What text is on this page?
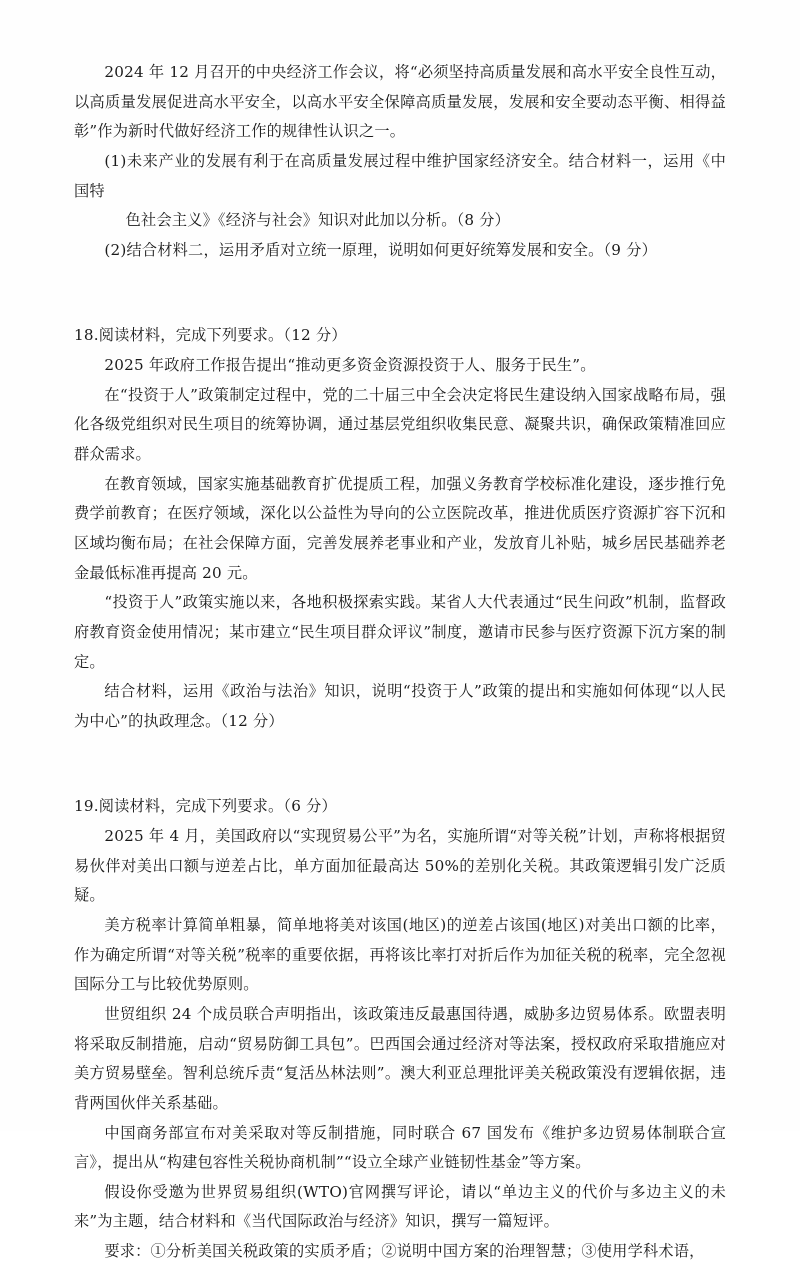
2024 年 12 月召开的中央经济工作会议，将“必须坚持高质量发展和高水平安全良性互动，以高质量发展促进高水平安全，以高水平安全保障高质量发展，发展和安全要动态平衡、相得益彰”作为新时代做好经济工作的规律性认识之一。

(1)未来产业的发展有利于在高质量发展过程中维护国家经济安全。结合材料一，运用《中国特

色社会主义》《经济与社会》知识对此加以分析。（8 分）

(2)结合材料二，运用矛盾对立统一原理，说明如何更好统筹发展和安全。（9 分）

18.阅读材料，完成下列要求。（12 分）

2025 年政府工作报告提出“推动更多资金资源投资于人、服务于民生”。

在“投资于人”政策制定过程中，党的二十届三中全会决定将民生建设纳入国家战略布局，强化各级党组织对民生项目的统筹协调，通过基层党组织收集民意、凝聚共识，确保政策精准回应群众需求。

在教育领域，国家实施基础教育扩优提质工程，加强义务教育学校标准化建设，逐步推行免费学前教育；在医疗领域，深化以公益性为导向的公立医院改革，推进优质医疗资源扩容下沉和区域均衡布局；在社会保障方面，完善发展养老事业和产业，发放育儿补贴，城乡居民基础养老金最低标准再提高 20 元。

“投资于人”政策实施以来，各地积极探索实践。某省人大代表通过“民生问政”机制，监督政府教育资金使用情况；某市建立“民生项目群众评议”制度，邀请市民参与医疗资源下沉方案的制定。

结合材料，运用《政治与法治》知识，说明“投资于人”政策的提出和实施如何体现“以人民为中心”的执政理念。（12 分）

19.阅读材料，完成下列要求。（6 分）

2025 年 4 月，美国政府以“实现贸易公平”为名，实施所谓“对等关税”计划，声称将根据贸易伙伴对美出口额与逆差占比，单方面加征最高达 50%的差别化关税。其政策逻辑引发广泛质疑。

美方税率计算简单粗暴，简单地将美对该国(地区)的逆差占该国(地区)对美出口额的比率，作为确定所谓“对等关税”税率的重要依据，再将该比率打对折后作为加征关税的税率，完全忽视国际分工与比较优势原则。

世贸组织 24 个成员联合声明指出，该政策违反最惠国待遇，威胁多边贸易体系。欧盟表明将采取反制措施，启动“贸易防御工具包”。巴西国会通过经济对等法案，授权政府采取措施应对美方贸易壁垒。智利总统斥责“复活丛林法则”。澳大利亚总理批评美关税政策没有逻辑依据，违背两国伙伴关系基础。

中国商务部宣布对美采取对等反制措施，同时联合 67 国发布《维护多边贸易体制联合宣言》，提出从“构建包容性关税协商机制”“设立全球产业链韧性基金”等方案。

假设你受邀为世界贸易组织(WTO)官网撰写评论，请以“单边主义的代价与多边主义的未来”为主题，结合材料和《当代国际政治与经济》知识，撰写一篇短评。

要求：①分析美国关税政策的实质矛盾；②说明中国方案的治理智慧；③使用学科术语，
